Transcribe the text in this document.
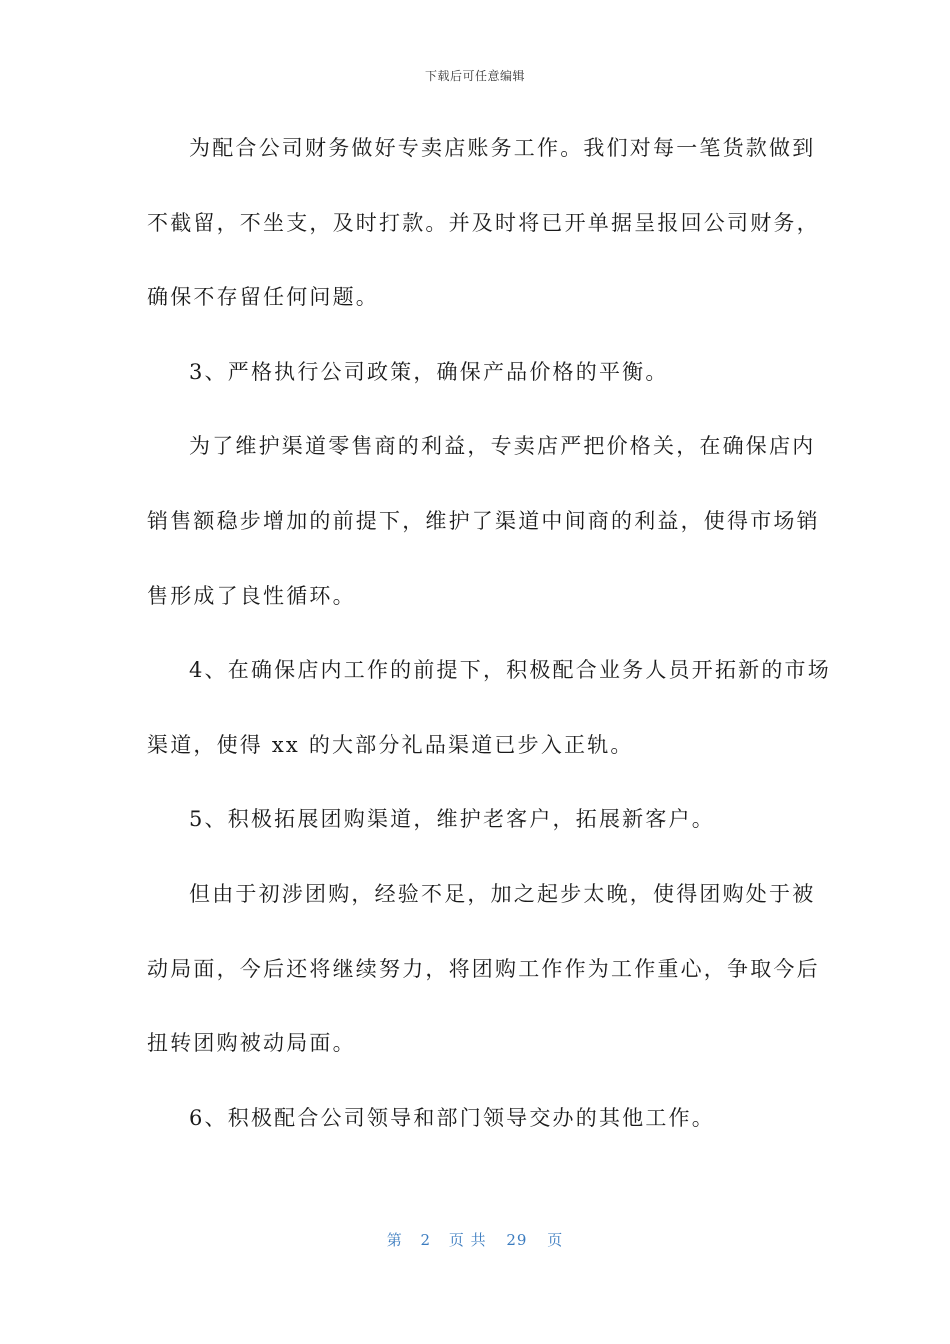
下载后可任意编辑
为配合公司财务做好专卖店账务工作。我们对每一笔货款做到
不截留，不坐支，及时打款。并及时将已开单据呈报回公司财务，
确保不存留任何问题。
3、严格执行公司政策，确保产品价格的平衡。
为了维护渠道零售商的利益，专卖店严把价格关，在确保店内
销售额稳步增加的前提下，维护了渠道中间商的利益，使得市场销
售形成了良性循环。
4、在确保店内工作的前提下，积极配合业务人员开拓新的市场
渠道，使得 xx 的大部分礼品渠道已步入正轨。
5、积极拓展团购渠道，维护老客户，拓展新客户。
但由于初涉团购，经验不足，加之起步太晚，使得团购处于被
动局面，今后还将继续努力，将团购工作作为工作重心，争取今后
扭转团购被动局面。
6、积极配合公司领导和部门领导交办的其他工作。
第 2 页 共 29 页
